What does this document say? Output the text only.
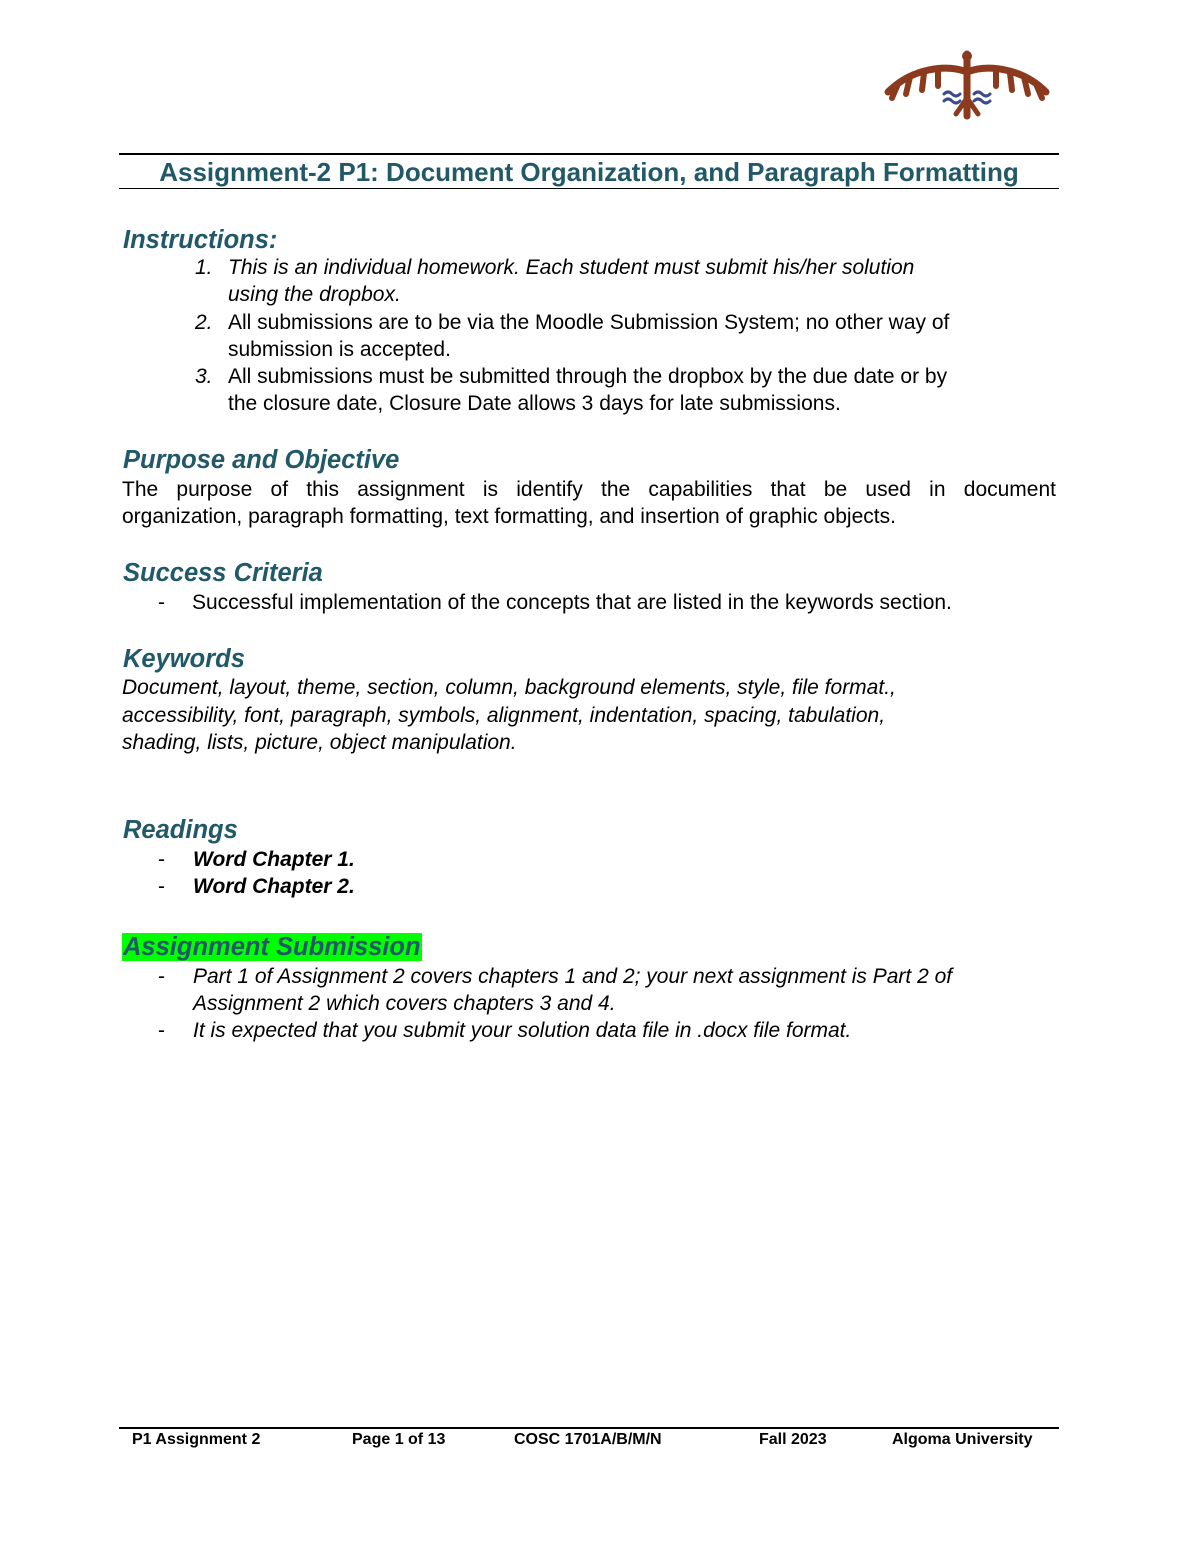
Assignment-2 P1: Document Organization, and Paragraph Formatting
Instructions:
1. This is an individual homework. Each student must submit his/her solution
using the dropbox.
2. All submissions are to be via the Moodle Submission System; no other way of
submission is accepted.
3. All submissions must be submitted through the dropbox by the due date or by
the closure date, Closure Date allows 3 days for late submissions.
Purpose and Objective
The purpose of this assignment is identify the capabilities that be used in document
organization, paragraph formatting, text formatting, and insertion of graphic objects.
Success Criteria
- Successful implementation of the concepts that are listed in the keywords section.
Keywords
Document, layout, theme, section, column, background elements, style, file format.,
accessibility, font, paragraph, symbols, alignment, indentation, spacing, tabulation,
shading, lists, picture, object manipulation.
Readings
- Word Chapter 1.
- Word Chapter 2.
Assignment Submission
- Part 1 of Assignment 2 covers chapters 1 and 2; your next assignment is Part 2 of
Assignment 2 which covers chapters 3 and 4.
- It is expected that you submit your solution data file in .docx file format.
P1 Assignment 2	Page 1 of 13	COSC 1701A/B/M/N	Fall 2023	Algoma University
